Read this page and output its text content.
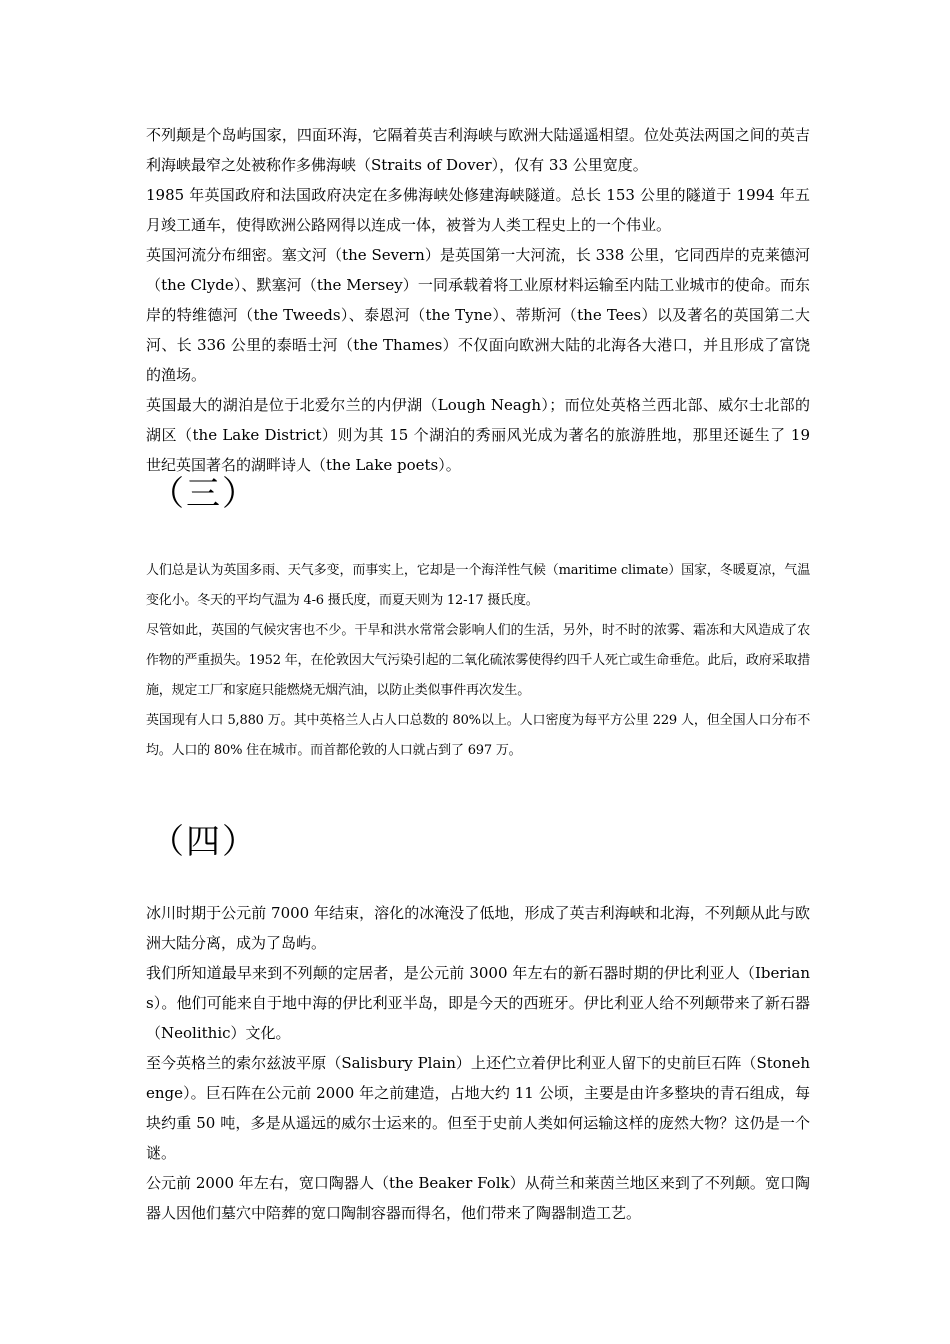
不列颠是个岛屿国家，四面环海，它隔着英吉利海峡与欧洲大陆遥遥相望。位处英法两国之间的英吉利海峡最窄之处被称作多佛海峡（Straits of Dover），仅有 33 公里宽度。

1985 年英国政府和法国政府决定在多佛海峡处修建海峡隧道。总长 153 公里的隧道于 1994 年五月竣工通车，使得欧洲公路网得以连成一体，被誉为人类工程史上的一个伟业。

英国河流分布细密。塞文河（the Severn）是英国第一大河流，长 338 公里，它同西岸的克莱德河（the Clyde）、默塞河（the Mersey）一同承载着将工业原材料运输至内陆工业城市的使命。而东岸的特维德河（the Tweeds）、泰恩河（the Tyne）、蒂斯河（the Tees）以及著名的英国第二大河、长 336 公里的泰晤士河（the Thames）不仅面向欧洲大陆的北海各大港口，并且形成了富饶的渔场。

英国最大的湖泊是位于北爱尔兰的内伊湖（Lough Neagh）；而位处英格兰西北部、威尔士北部的湖区（the Lake District）则为其 15 个湖泊的秀丽风光成为著名的旅游胜地，那里还诞生了 19 世纪英国著名的湖畔诗人（the Lake poets）。

（三）

人们总是认为英国多雨、天气多变，而事实上，它却是一个海洋性气候（maritime climate）国家，冬暖夏凉，气温变化小。冬天的平均气温为 4-6 摄氏度，而夏天则为 12-17 摄氏度。

尽管如此，英国的气候灾害也不少。干旱和洪水常常会影响人们的生活，另外，时不时的浓雾、霜冻和大风造成了农作物的严重损失。1952 年，在伦敦因大气污染引起的二氧化硫浓雾使得约四千人死亡或生命垂危。此后，政府采取措施，规定工厂和家庭只能燃烧无烟汽油，以防止类似事件再次发生。

英国现有人口 5,880 万。其中英格兰人占人口总数的 80%以上。人口密度为每平方公里 229 人，但全国人口分布不均。人口的 80% 住在城市。而首都伦敦的人口就占到了 697 万。

（四）

冰川时期于公元前 7000 年结束，溶化的冰淹没了低地，形成了英吉利海峡和北海，不列颠从此与欧洲大陆分离，成为了岛屿。

我们所知道最早来到不列颠的定居者，是公元前 3000 年左右的新石器时期的伊比利亚人（Iberians）。他们可能来自于地中海的伊比利亚半岛，即是今天的西班牙。伊比利亚人给不列颠带来了新石器（Neolithic）文化。

至今英格兰的索尔兹波平原（Salisbury Plain）上还伫立着伊比利亚人留下的史前巨石阵（Stonehenge）。巨石阵在公元前 2000 年之前建造，占地大约 11 公顷，主要是由许多整块的青石组成，每块约重 50 吨，多是从遥远的威尔士运来的。但至于史前人类如何运输这样的庞然大物？这仍是一个谜。

公元前 2000 年左右，宽口陶器人（the Beaker Folk）从荷兰和莱茵兰地区来到了不列颠。宽口陶器人因他们墓穴中陪葬的宽口陶制容器而得名，他们带来了陶器制造工艺。
